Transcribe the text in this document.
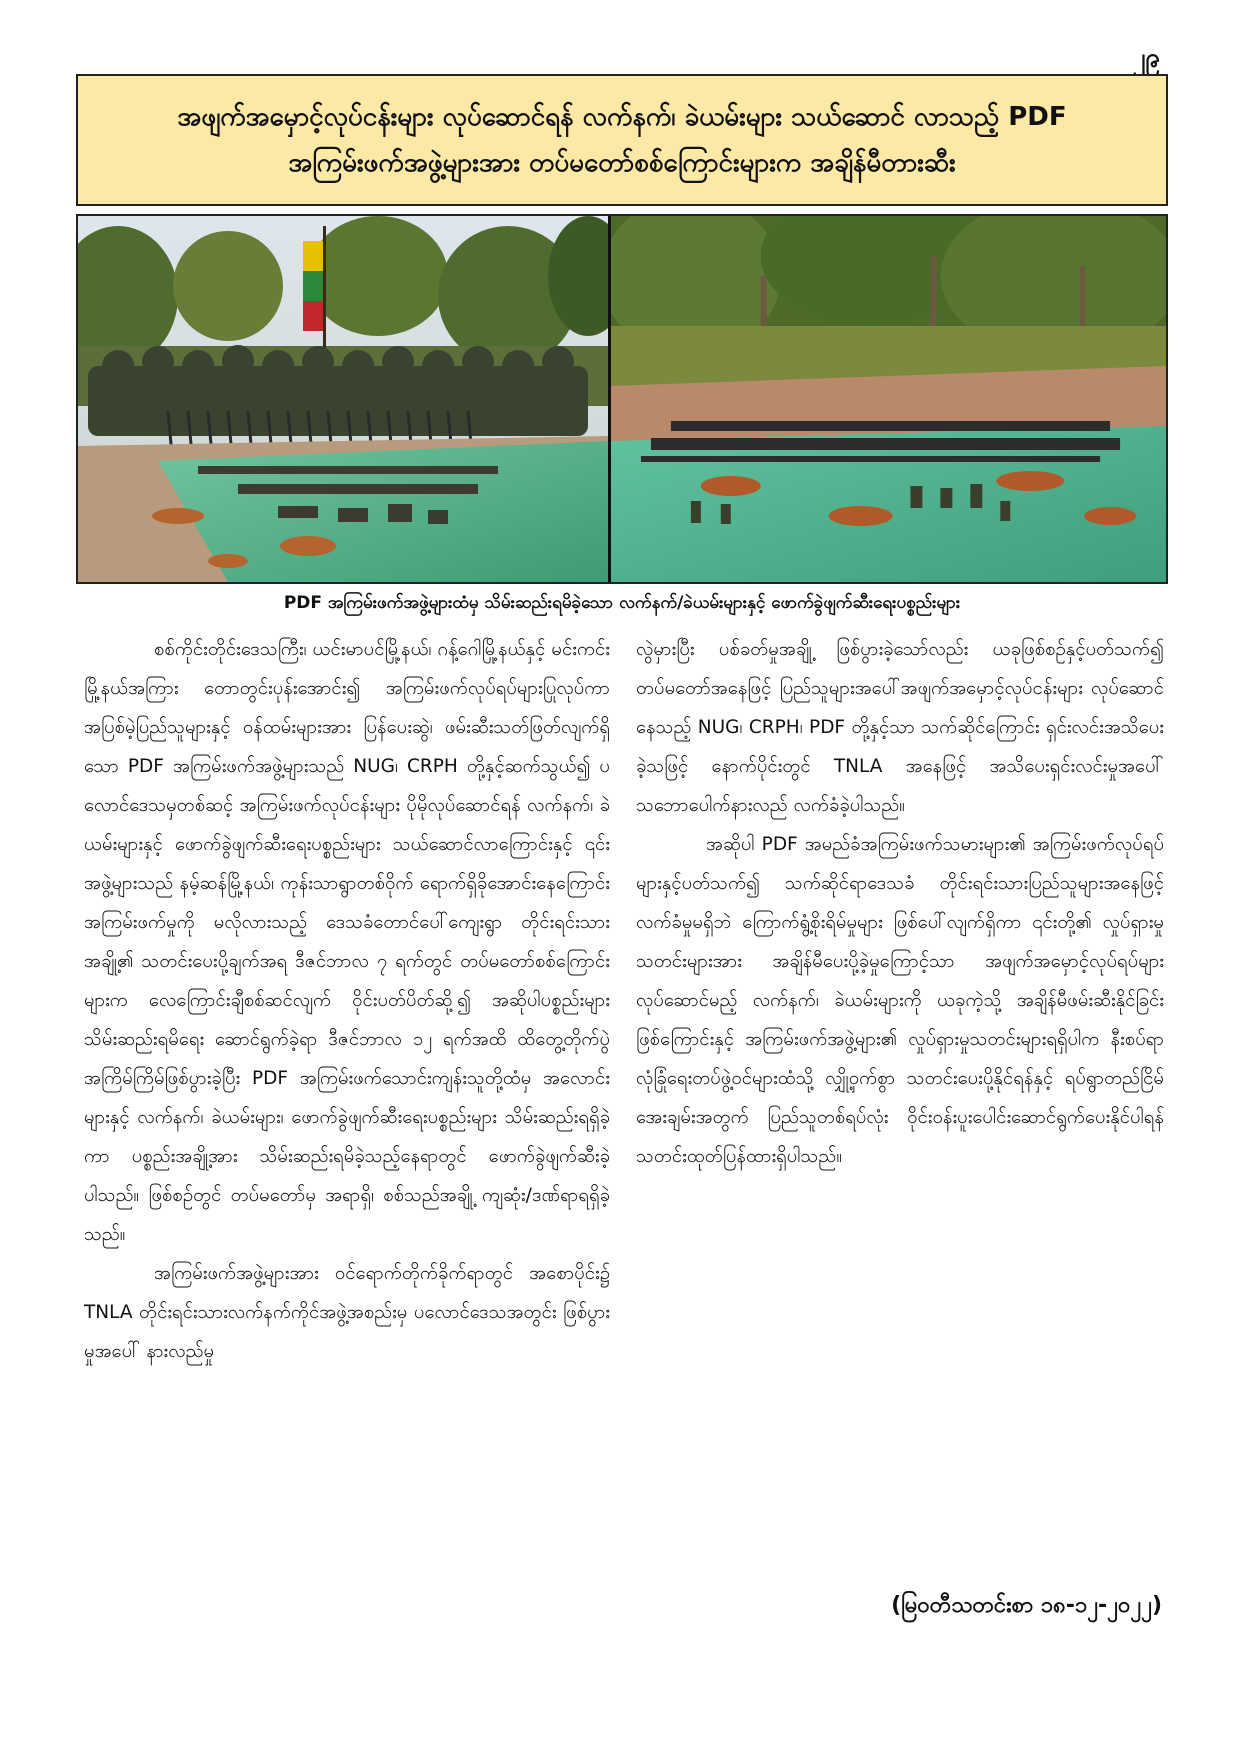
၂၉
အဖျက်အမှောင့်လုပ်ငန်းများ လုပ်ဆောင်ရန် လက်နက်၊ ခဲယမ်းများ သယ်ဆောင် လာသည့် PDF
အကြမ်းဖက်အဖွဲ့များအား တပ်မတော်စစ်ကြောင်းများက အချိန်မီတားဆီး
PDF အကြမ်းဖက်အဖွဲ့များထံမှ သိမ်းဆည်းရမိခဲ့သော လက်နက်/ခဲယမ်းများနှင့် ဖောက်ခွဲဖျက်ဆီးရေးပစ္စည်းများ

စစ်ကိုင်းတိုင်းဒေသကြီး၊ ယင်းမာပင်မြို့နယ်၊ ဂန့်ဂေါမြို့နယ်နှင့် မင်းကင်းမြို့နယ်အကြား တောတွင်းပုန်းအောင်း၍ အကြမ်းဖက်လုပ်ရပ်များပြုလုပ်ကာ အပြစ်မဲ့ပြည်သူများနှင့် ဝန်ထမ်းများအား ပြန်ပေးဆွဲ၊ ဖမ်းဆီးသတ်ဖြတ်လျက်ရှိသော PDF အကြမ်းဖက်အဖွဲ့များသည် NUG၊ CRPH တို့နှင့်ဆက်သွယ်၍ ပလောင်ဒေသမှတစ်ဆင့် အကြမ်းဖက်လုပ်ငန်းများ ပိုမိုလုပ်ဆောင်ရန် လက်နက်၊ ခဲယမ်းများနှင့် ဖောက်ခွဲဖျက်ဆီးရေးပစ္စည်းများ သယ်ဆောင်လာကြောင်းနှင့် ၎င်းအဖွဲ့များသည် နမ့်ဆန်မြို့နယ်၊ ကုန်းသာရွာတစ်ဝိုက် ရောက်ရှိခိုအောင်းနေကြောင်း အကြမ်းဖက်မှုကို မလိုလားသည့် ဒေသခံတောင်ပေါ်ကျေးရွာ တိုင်းရင်းသားအချို့၏ သတင်းပေးပို့ချက်အရ ဒီဇင်ဘာလ ၇ ရက်တွင် တပ်မတော်စစ်ကြောင်းများက လေကြောင်းချီစစ်ဆင်လျက် ဝိုင်းပတ်ပိတ်ဆို့၍ အဆိုပါပစ္စည်းများ သိမ်းဆည်းရမိရေး ဆောင်ရွက်ခဲ့ရာ ဒီဇင်ဘာလ ၁၂ ရက်အထိ ထိတွေ့တိုက်ပွဲ အကြိမ်ကြိမ်ဖြစ်ပွားခဲ့ပြီး PDF အကြမ်းဖက်သောင်းကျန်းသူတို့ထံမှ အလောင်းများနှင့် လက်နက်၊ ခဲယမ်းများ၊ ဖောက်ခွဲဖျက်ဆီးရေးပစ္စည်းများ သိမ်းဆည်းရရှိခဲ့ကာ ပစ္စည်းအချို့အား သိမ်းဆည်းရမိခဲ့သည့်နေရာတွင် ဖောက်ခွဲဖျက်ဆီးခဲ့ပါသည်။ ဖြစ်စဉ်တွင် တပ်မတော်မှ အရာရှိ၊ စစ်သည်အချို့ ကျဆုံး/ဒဏ်ရာရရှိခဲ့သည်။

အကြမ်းဖက်အဖွဲ့များအား ဝင်ရောက်တိုက်ခိုက်ရာတွင် အစောပိုင်း၌ TNLA တိုင်းရင်းသားလက်နက်ကိုင်အဖွဲ့အစည်းမှ ပလောင်ဒေသအတွင်း ဖြစ်ပွားမှုအပေါ် နားလည်မှု

လွဲမှားပြီး ပစ်ခတ်မှုအချို့ ဖြစ်ပွားခဲ့သော်လည်း ယခုဖြစ်စဉ်နှင့်ပတ်သက်၍ တပ်မတော်အနေဖြင့် ပြည်သူများအပေါ်အဖျက်အမှောင့်လုပ်ငန်းများ လုပ်ဆောင်နေသည့် NUG၊ CRPH၊ PDF တို့နှင့်သာ သက်ဆိုင်ကြောင်း ရှင်းလင်းအသိပေးခဲ့သဖြင့် နောက်ပိုင်းတွင် TNLA အနေဖြင့် အသိပေးရှင်းလင်းမှုအပေါ် သဘောပေါက်နားလည် လက်ခံခဲ့ပါသည်။

အဆိုပါ PDF အမည်ခံအကြမ်းဖက်သမားများ၏ အကြမ်းဖက်လုပ်ရပ်များနှင့်ပတ်သက်၍ သက်ဆိုင်ရာဒေသခံ တိုင်းရင်းသားပြည်သူများအနေဖြင့် လက်ခံမှုမရှိဘဲ ကြောက်ရွံ့စိုးရိမ်မှုများ ဖြစ်ပေါ်လျက်ရှိကာ ၎င်းတို့၏ လှုပ်ရှားမှုသတင်းများအား အချိန်မီပေးပို့ခဲ့မှုကြောင့်သာ အဖျက်အမှောင့်လုပ်ရပ်များ လုပ်ဆောင်မည့် လက်နက်၊ ခဲယမ်းများကို ယခုကဲ့သို့ အချိန်မီဖမ်းဆီးနိုင်ခြင်းဖြစ်ကြောင်းနှင့် အကြမ်းဖက်အဖွဲ့များ၏ လှုပ်ရှားမှုသတင်းများရရှိပါက နီးစပ်ရာ လုံခြုံရေးတပ်ဖွဲ့ဝင်များထံသို့ လျှို့ဝှက်စွာ သတင်းပေးပို့နိုင်ရန်နှင့် ရပ်ရွာတည်ငြိမ်အေးချမ်းအတွက် ပြည်သူတစ်ရပ်လုံး ဝိုင်းဝန်းပူးပေါင်းဆောင်ရွက်ပေးနိုင်ပါရန် သတင်းထုတ်ပြန်ထားရှိပါသည်။

(မြဝတီသတင်းစာ ၁၈-၁၂-၂၀၂၂)
